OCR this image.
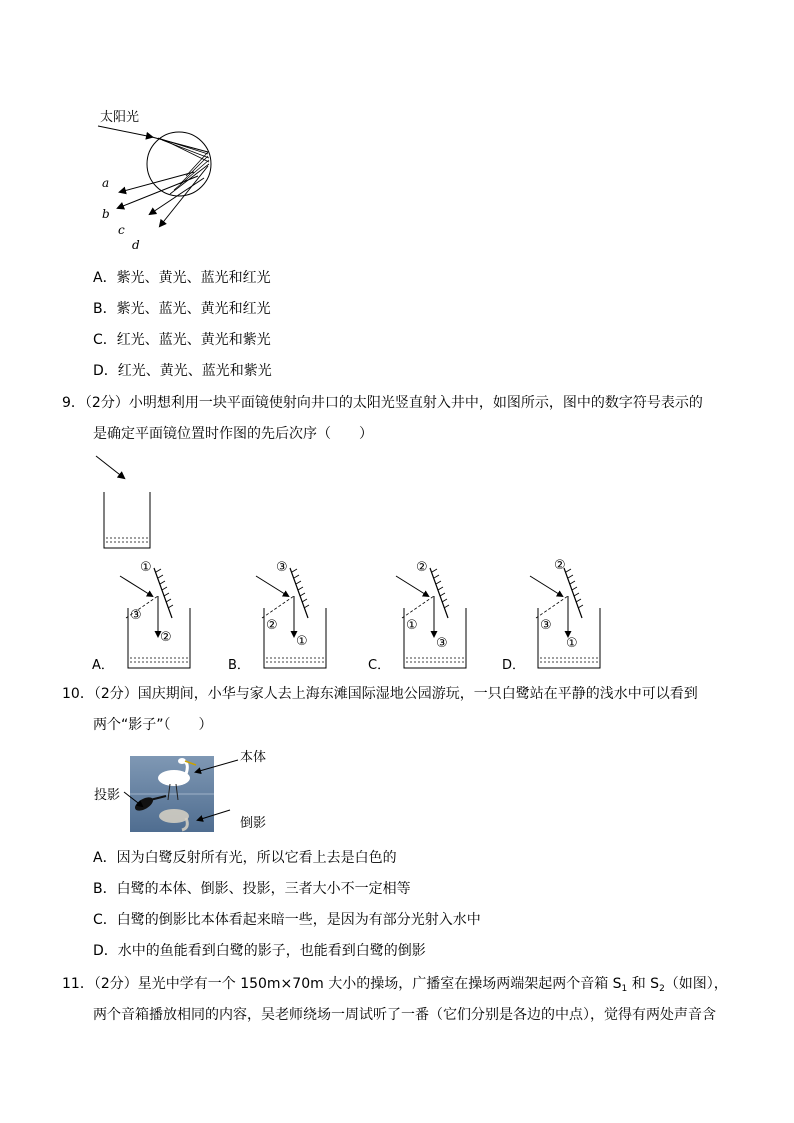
太阳光
a
b
c
d
A．紫光、黄光、蓝光和红光
B．紫光、蓝光、黄光和红光
C．红光、蓝光、黄光和紫光
D．红光、黄光、蓝光和紫光
9．（2分）小明想利用一块平面镜使射向井口的太阳光竖直射入井中，如图所示，图中的数字符号表示的
是确定平面镜位置时作图的先后次序（　　）
A．
①
③
②
B．
③
②
①
C．
②
①
③
D．
②
③
①
10．（2分）国庆期间，小华与家人去上海东滩国际湿地公园游玩，一只白鹭站在平静的浅水中可以看到
两个“影子”（　　）
本体
投影
倒影
A．因为白鹭反射所有光，所以它看上去是白色的
B．白鹭的本体、倒影、投影，三者大小不一定相等
C．白鹭的倒影比本体看起来暗一些，是因为有部分光射入水中
D．水中的鱼能看到白鹭的影子，也能看到白鹭的倒影
11．（2分）星光中学有一个 150m×70m 大小的操场，广播室在操场两端架起两个音箱 $S_1$ 和 $S_2$（如图），
两个音箱播放相同的内容，吴老师绕场一周试听了一番（它们分别是各边的中点），觉得有两处声音含
